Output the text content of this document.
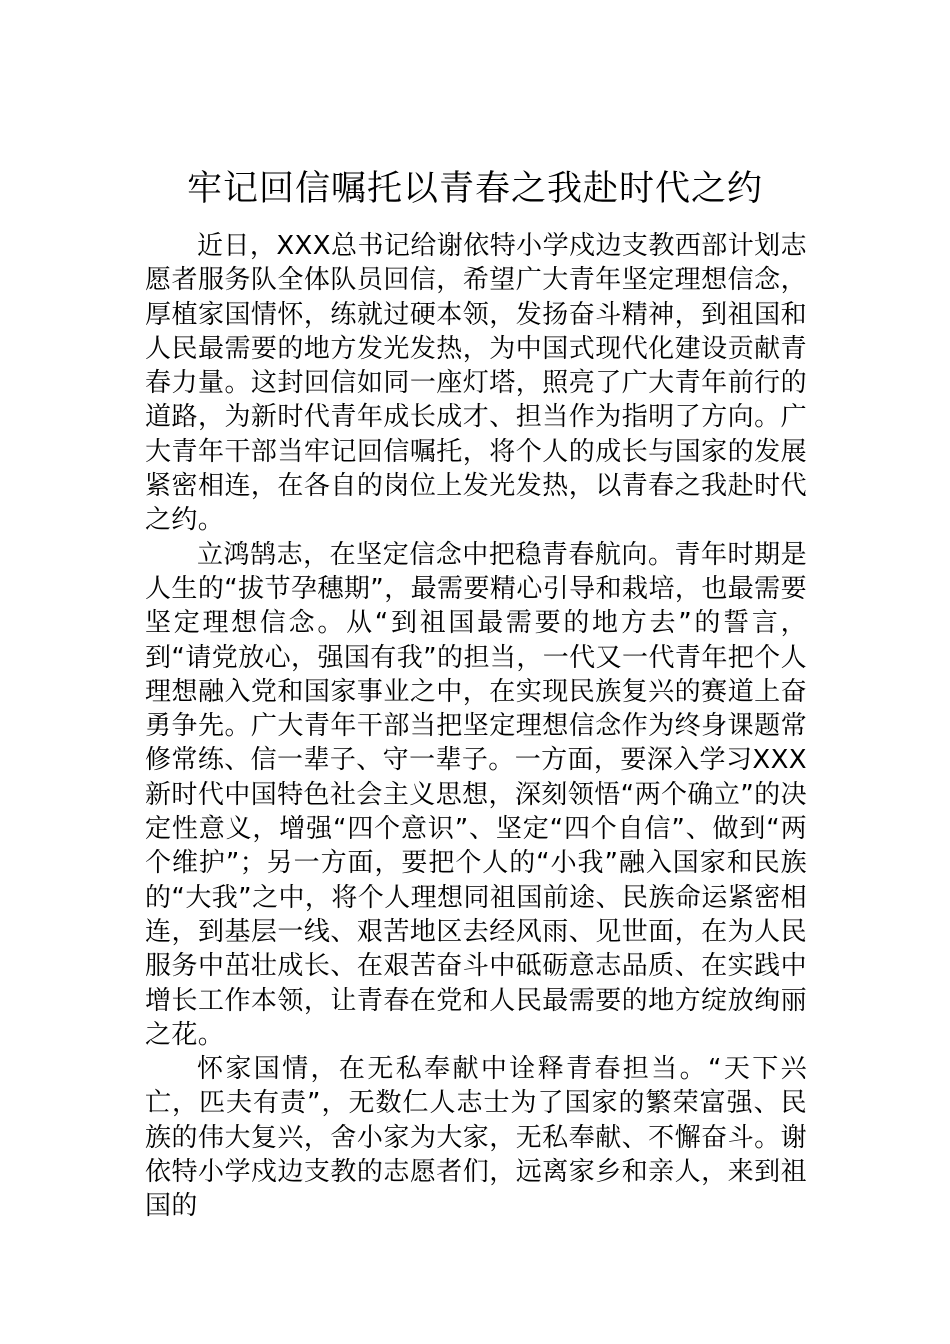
牢记回信嘱托以青春之我赴时代之约

近日，XXX总书记给谢依特小学戍边支教西部计划志愿者服务队全体队员回信，希望广大青年坚定理想信念，厚植家国情怀，练就过硬本领，发扬奋斗精神，到祖国和人民最需要的地方发光发热，为中国式现代化建设贡献青春力量。这封回信如同一座灯塔，照亮了广大青年前行的道路，为新时代青年成长成才、担当作为指明了方向。广大青年干部当牢记回信嘱托，将个人的成长与国家的发展紧密相连，在各自的岗位上发光发热，以青春之我赴时代之约。

立鸿鹄志，在坚定信念中把稳青春航向。青年时期是人生的“拔节孕穗期”，最需要精心引导和栽培，也最需要坚定理想信念。从“到祖国最需要的地方去”的誓言，到“请党放心，强国有我”的担当，一代又一代青年把个人理想融入党和国家事业之中，在实现民族复兴的赛道上奋勇争先。广大青年干部当把坚定理想信念作为终身课题常修常练、信一辈子、守一辈子。一方面，要深入学习XXX新时代中国特色社会主义思想，深刻领悟“两个确立”的决定性意义，增强“四个意识”、坚定“四个自信”、做到“两个维护”；另一方面，要把个人的“小我”融入国家和民族的“大我”之中，将个人理想同祖国前途、民族命运紧密相连，到基层一线、艰苦地区去经风雨、见世面，在为人民服务中茁壮成长、在艰苦奋斗中砥砺意志品质、在实践中增长工作本领，让青春在党和人民最需要的地方绽放绚丽之花。

怀家国情，在无私奉献中诠释青春担当。“天下兴亡，匹夫有责”，无数仁人志士为了国家的繁荣富强、民族的伟大复兴，舍小家为大家，无私奉献、不懈奋斗。谢依特小学戍边支教的志愿者们，远离家乡和亲人，来到祖国的
